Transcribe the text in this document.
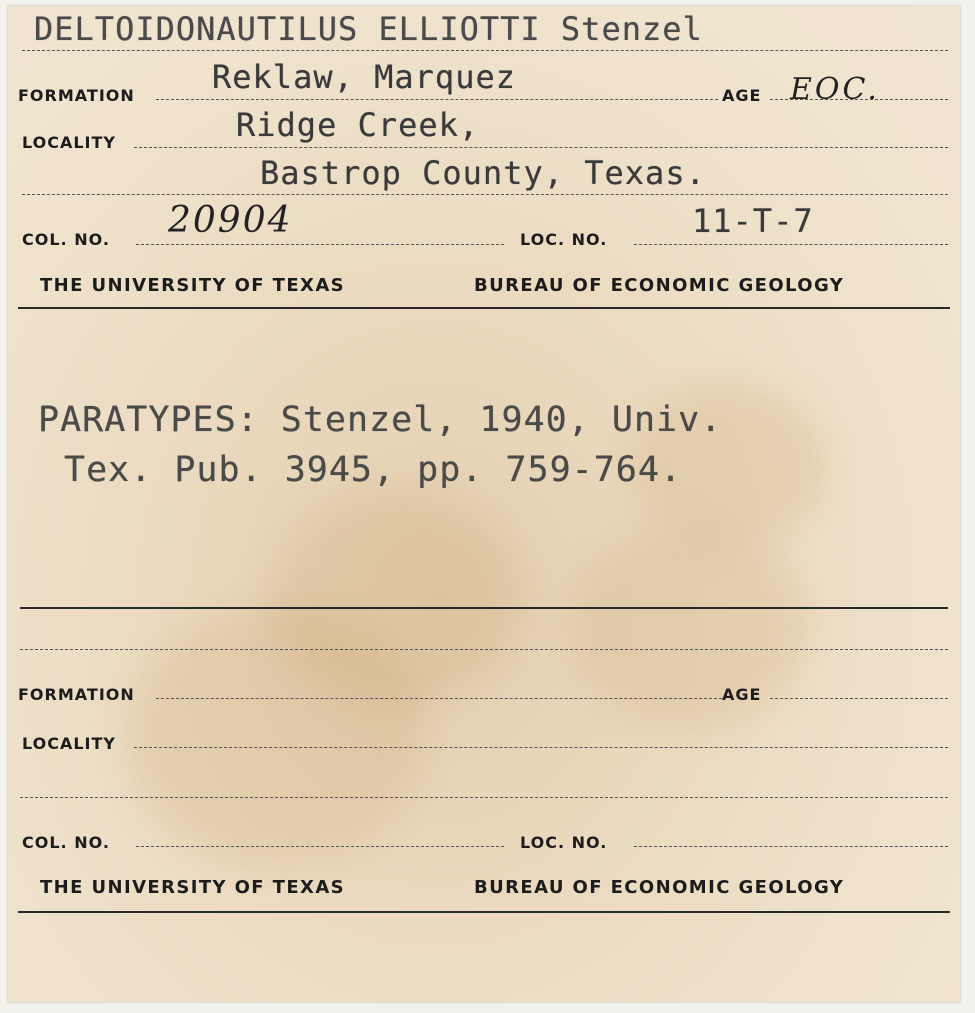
DELTOIDONAUTILUS ELLIOTTI Stenzel
FORMATION Reklaw, Marquez	AGE EOC.
LOCALITY	Ridge Creek,
Bastrop County, Texas.
COL. NO. 20904	LOC. NO.	11-T-7
THE UNIVERSITY OF TEXAS	BUREAU OF ECONOMIC GEOLOGY
PARATYPES: Stenzel, 1940, Univ.
Tex. Pub. 3945, pp. 759-764.
FORMATION	AGE
LOCALITY
COL. NO.	LOC. NO.
THE UNIVERSITY OF TEXAS	BUREAU OF ECONOMIC GEOLOGY
